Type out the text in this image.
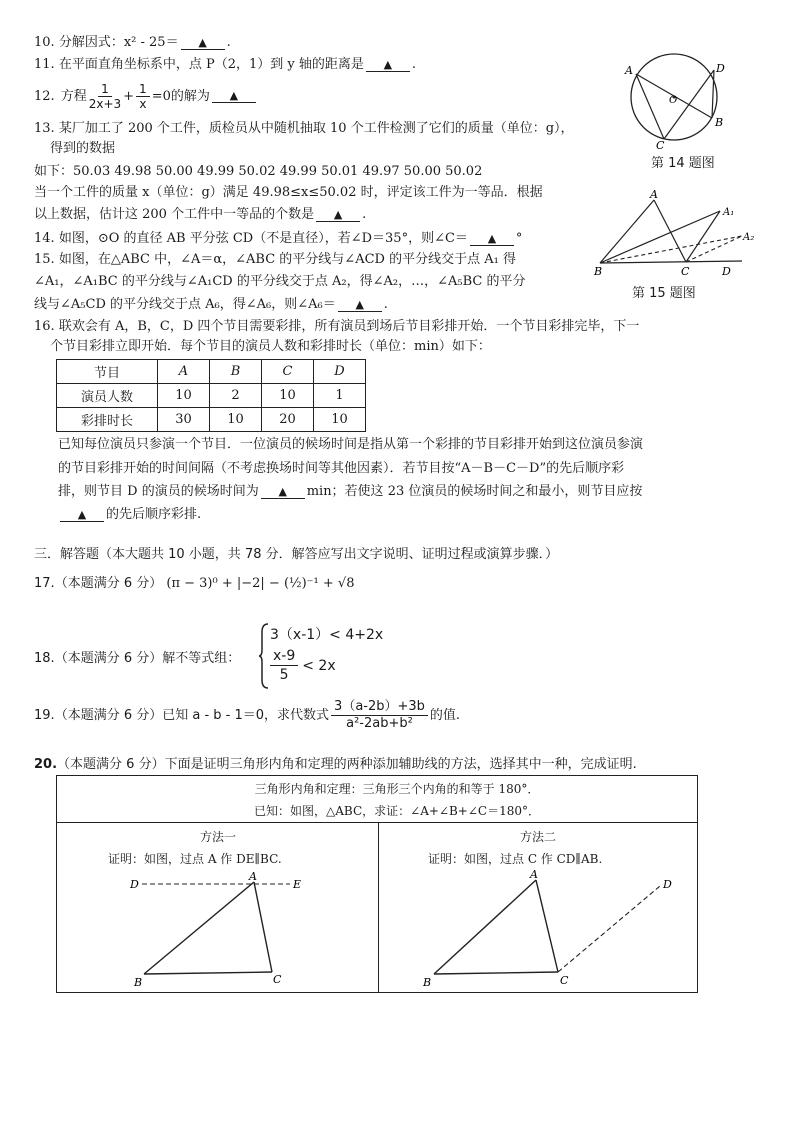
10. 分解因式：x² - 25＝ ▲ .
11. 在平面直角坐标系中，点 P（2，1）到 y 轴的距离是 ▲ .
12. 方程 1
$2x+3 + \frac{1}{x} =0$的解为	▲
13. 某厂加工了 200 个工件，质检员从中随机抽取 10 个工件检测了它们的质量（单位：g），
得到的数据
如下：50.03 49.98 50.00 49.99 50.02 49.99 50.01 49.97 50.00 50.02
当一个工件的质量 x（单位：g）满足 49.98≤x≤50.02 时，评定该工件为一等品．根据
以上数据，估计这 200 个工件中一等品的个数是 ▲ .
14. 如图，⊙O 的直径 AB 平分弦 CD（不是直径），若∠D＝35°，则∠C＝ ▲ °
15. 如图，在△ABC 中，∠A＝α，∠ABC 的平分线与∠ACD 的平分线交于点 A₁ 得
∠A₁，∠A₁BC 的平分线与∠A₁CD 的平分线交于点 A₂，得∠A₂，…，∠A₅BC 的平分
线与∠A₅CD 的平分线交于点 A₆，得∠A₆，则∠A₆＝ ▲ .
A	D
O
B
C
第 14 题图
A
A₁
A₂
B	C	D
第 15 题图
16. 联欢会有 A，B，C，D 四个节目需要彩排，所有演员到场后节目彩排开始．一个节目彩排完毕，下一
个节目彩排立即开始．每个节目的演员人数和彩排时长（单位：min）如下：
节目	A	B	C	D
演员人数	10	2	10	1
彩排时长	30	10	20	10
已知每位演员只参演一个节目．一位演员的候场时间是指从第一个彩排的节目彩排开始到这位演员参演
的节目彩排开始的时间间隔（不考虑换场时间等其他因素）．若节目按“A－B－C－D”的先后顺序彩
排，则节目 D 的演员的候场时间为 ▲ min；若使这 23 位演员的候场时间之和最小，则节目应按
▲ 的先后顺序彩排.
三．解答题（本大题共 10 小题，共 78 分．解答应写出文字说明、证明过程或演算步骤．）
17.（本题满分 6 分） (π − 3)⁰ + |−2| − (½)⁻¹ + √8
18.（本题满分 6 分）解不等式组：
3（x-1）< 4+2x
x-9
5
< 2x
19. （本题满分 6 分） 已知 a - b - 1＝0，求代数式
3（a-2b）+3b
a²-2ab+b²
的值.
20.（本题满分 6 分）下面是证明三角形内角和定理的两种添加辅助线的方法，选择其中一种，完成证明.
三角形内角和定理：三角形三个内角的和等于 180°．
已知：如图，△ABC，求证：∠A+∠B+∠C＝180°．
方法一
证明：如图，过点 A 作 DE∥BC.
方法二
证明：如图，过点 C 作 CD∥AB.
D
A
E
B	C
A
B	C
D
